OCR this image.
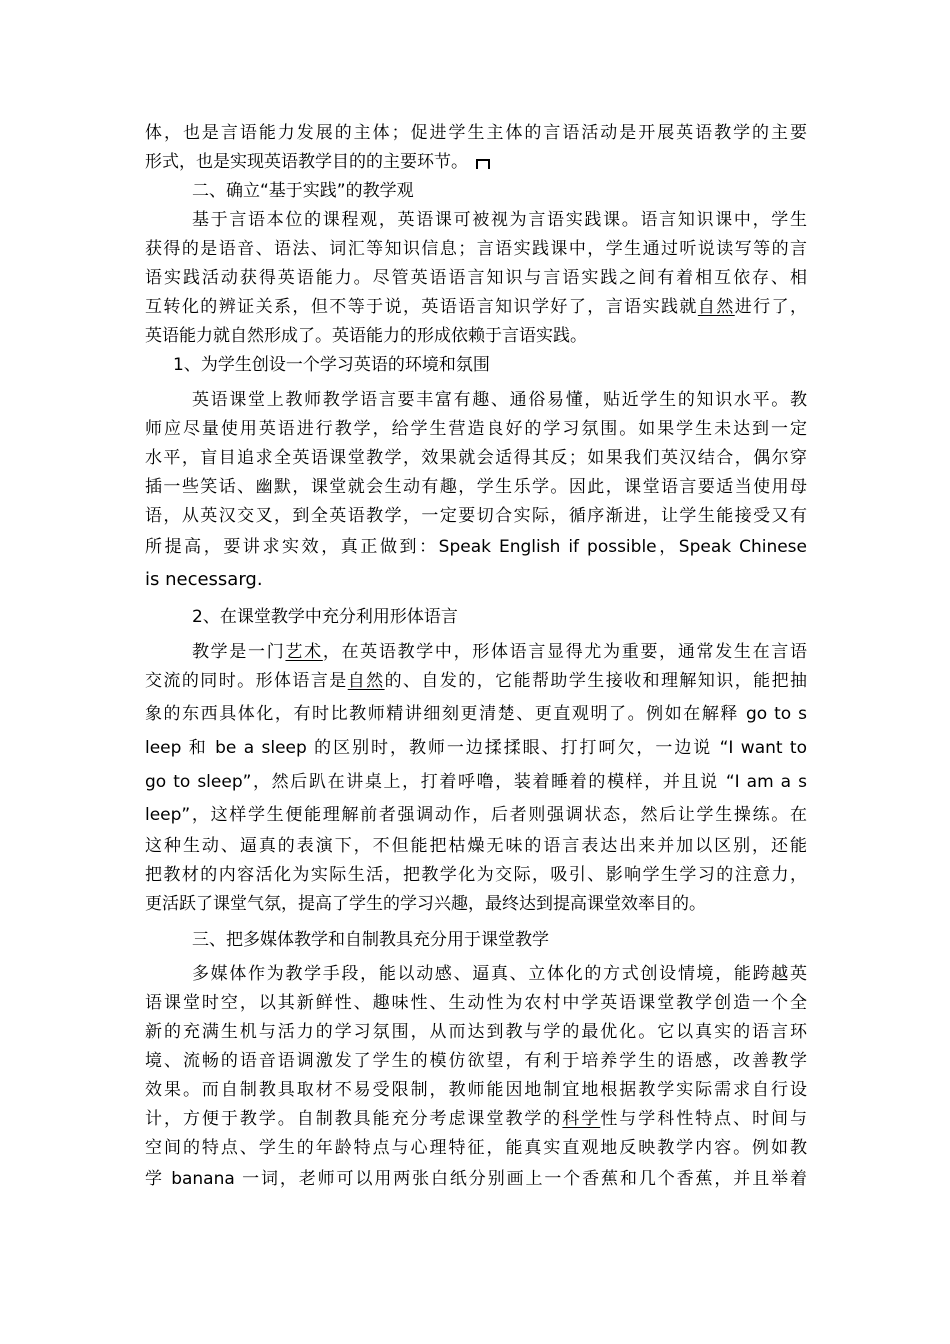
体，也是言语能力发展的主体；促进学生主体的言语活动是开展英语教学的主要
形式，也是实现英语教学目的的主要环节。
二、确立“基于实践”的教学观
基于言语本位的课程观，英语课可被视为言语实践课。语言知识课中，学生
获得的是语音、语法、词汇等知识信息；言语实践课中，学生通过听说读写等的言
语实践活动获得英语能力。尽管英语语言知识与言语实践之间有着相互依存、相
互转化的辨证关系，但不等于说，英语语言知识学好了，言语实践就自然进行了，
英语能力就自然形成了。英语能力的形成依赖于言语实践。
1、为学生创设一个学习英语的环境和氛围
英语课堂上教师教学语言要丰富有趣、通俗易懂，贴近学生的知识水平。教
师应尽量使用英语进行教学，给学生营造良好的学习氛围。如果学生未达到一定
水平，盲目追求全英语课堂教学，效果就会适得其反；如果我们英汉结合，偶尔穿
插一些笑话、幽默，课堂就会生动有趣，学生乐学。因此，课堂语言要适当使用母
语，从英汉交叉，到全英语教学，一定要切合实际，循序渐进，让学生能接受又有
所提高，要讲求实效，真正做到：Speak English if possible，Speak Chinese
is necessarg.
2、在课堂教学中充分利用形体语言
教学是一门艺术，在英语教学中，形体语言显得尤为重要，通常发生在言语
交流的同时。形体语言是自然的、自发的，它能帮助学生接收和理解知识，能把抽
象的东西具体化，有时比教师精讲细刻更清楚、更直观明了。例如在解释 go to s
leep 和 be a sleep 的区别时，教师一边揉揉眼、打打呵欠，一边说 “I want to
go to sleep”，然后趴在讲桌上，打着呼噜，装着睡着的模样，并且说 “I am a s
leep”，这样学生便能理解前者强调动作，后者则强调状态，然后让学生操练。在
这种生动、逼真的表演下，不但能把枯燥无味的语言表达出来并加以区别，还能
把教材的内容活化为实际生活，把教学化为交际，吸引、影响学生学习的注意力，
更活跃了课堂气氛，提高了学生的学习兴趣，最终达到提高课堂效率目的。
三、把多媒体教学和自制教具充分用于课堂教学
多媒体作为教学手段，能以动感、逼真、立体化的方式创设情境，能跨越英
语课堂时空，以其新鲜性、趣味性、生动性为农村中学英语课堂教学创造一个全
新的充满生机与活力的学习氛围，从而达到教与学的最优化。它以真实的语言环
境、流畅的语音语调激发了学生的模仿欲望，有利于培养学生的语感，改善教学
效果。而自制教具取材不易受限制，教师能因地制宜地根据教学实际需求自行设
计，方便于教学。自制教具能充分考虑课堂教学的科学性与学科性特点、时间与
空间的特点、学生的年龄特点与心理特征，能真实直观地反映教学内容。例如教
学 banana 一词，老师可以用两张白纸分别画上一个香蕉和几个香蕉，并且举着
